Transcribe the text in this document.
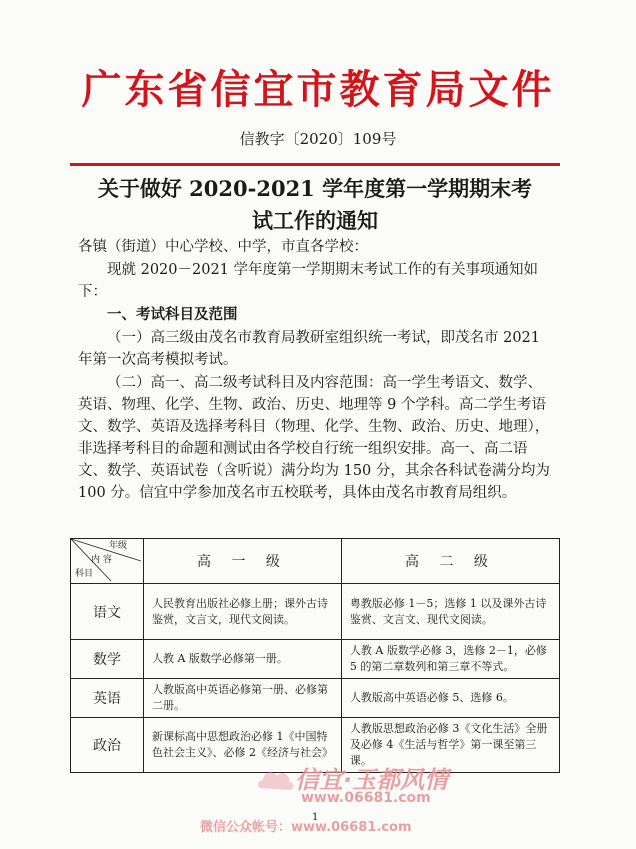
广东省信宜市教育局文件
信教字〔2020〕109号
关于做好 2020-2021 学年度第一学期期末考
试工作的通知
各镇（街道）中心学校、中学，市直各学校：
现就 2020－2021 学年度第一学期期末考试工作的有关事项通知如下：
一、考试科目及范围
（一）高三级由茂名市教育局教研室组织统一考试，即茂名市 2021 年第一次高考模拟考试。
（二）高一、高二级考试科目及内容范围：高一学生考语文、数学、英语、物理、化学、生物、政治、历史、地理等 9 个学科。高二学生考语文、数学、英语及选择考科目（物理、化学、生物、政治、历史、地理），非选择考科目的命题和测试由各学校自行统一组织安排。高一、高二语文、数学、英语试卷（含听说）满分均为 150 分，其余各科试卷满分均为 100 分。信宜中学参加茂名市五校联考，具体由茂名市教育局组织。
年级
内 容
科目	高 一 级	高 二 级
语文	人民教育出版社必修上册；课外古诗鉴赏，文言文，现代文阅读。	粤教版必修 1－5；选修 1 以及课外古诗鉴赏、文言文、现代文阅读。
数学	人教 A 版数学必修第一册。	人教 A 版数学必修 3，选修 2－1，必修 5 的第二章数列和第三章不等式。
英语	人教版高中英语必修第一册、必修第二册。	人教版高中英语必修 5、选修 6。
政治	新课标高中思想政治必修 1《中国特色社会主义》、必修 2《经济与社会》	人教版思想政治必修 3《文化生活》全册及必修 4《生活与哲学》第一课至第三课。
信宜·玉都风情
www.06681.com
微信公众帐号：www.06681.com
1
